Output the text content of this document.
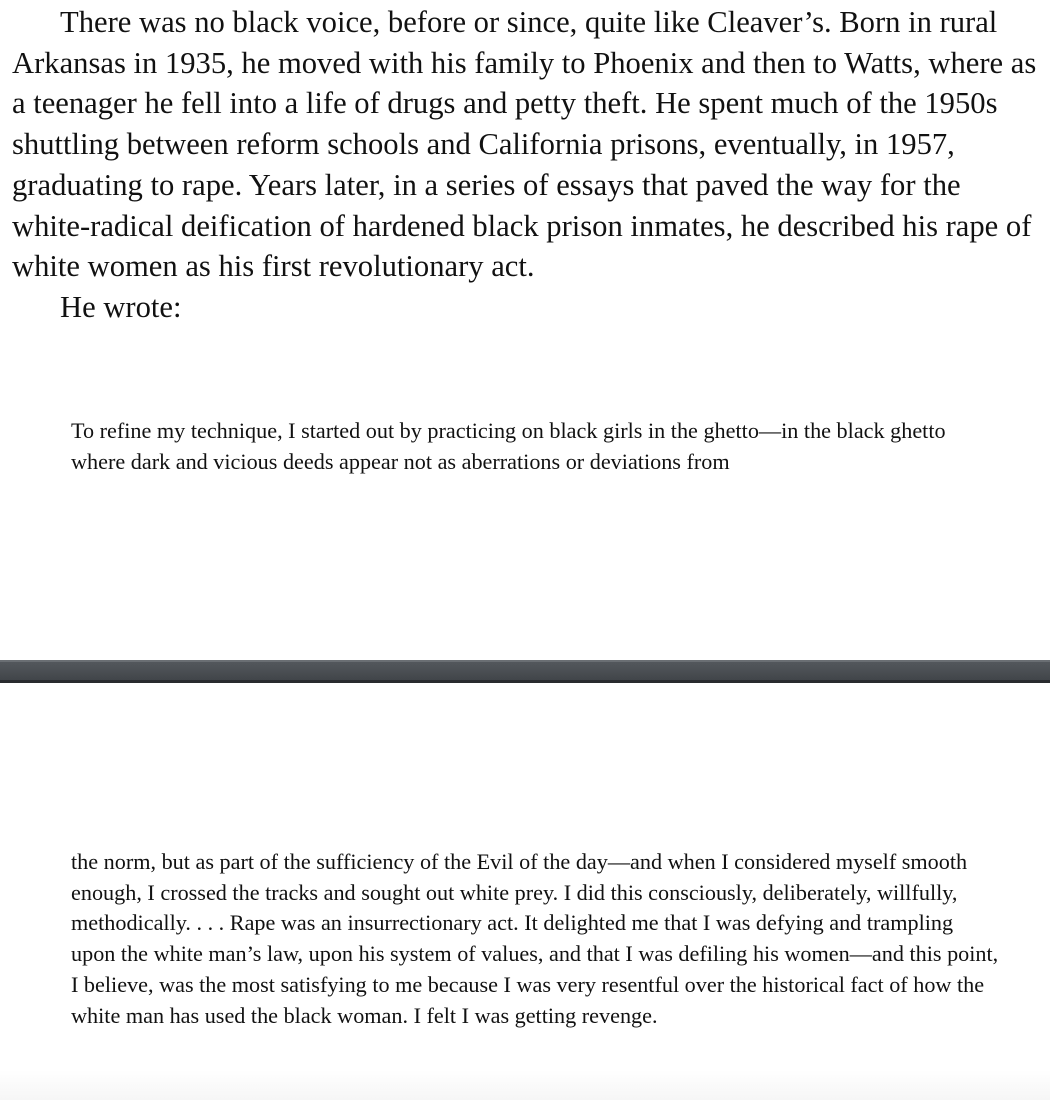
There was no black voice, before or since, quite like Cleaver’s. Born in rural Arkansas in 1935, he moved with his family to Phoenix and then to Watts, where as a teenager he fell into a life of drugs and petty theft. He spent much of the 1950s shuttling between reform schools and California prisons, eventually, in 1957, graduating to rape. Years later, in a series of essays that paved the way for the white-radical deification of hardened black prison inmates, he described his rape of white women as his first revolutionary act.

He wrote:

To refine my technique, I started out by practicing on black girls in the ghetto—in the black ghetto where dark and vicious deeds appear not as aberrations or deviations from

the norm, but as part of the sufficiency of the Evil of the day—and when I considered myself smooth enough, I crossed the tracks and sought out white prey. I did this consciously, deliberately, willfully, methodically. . . . Rape was an insurrectionary act. It delighted me that I was defying and trampling upon the white man’s law, upon his system of values, and that I was defiling his women—and this point, I believe, was the most satisfying to me because I was very resentful over the historical fact of how the white man has used the black woman. I felt I was getting revenge.
